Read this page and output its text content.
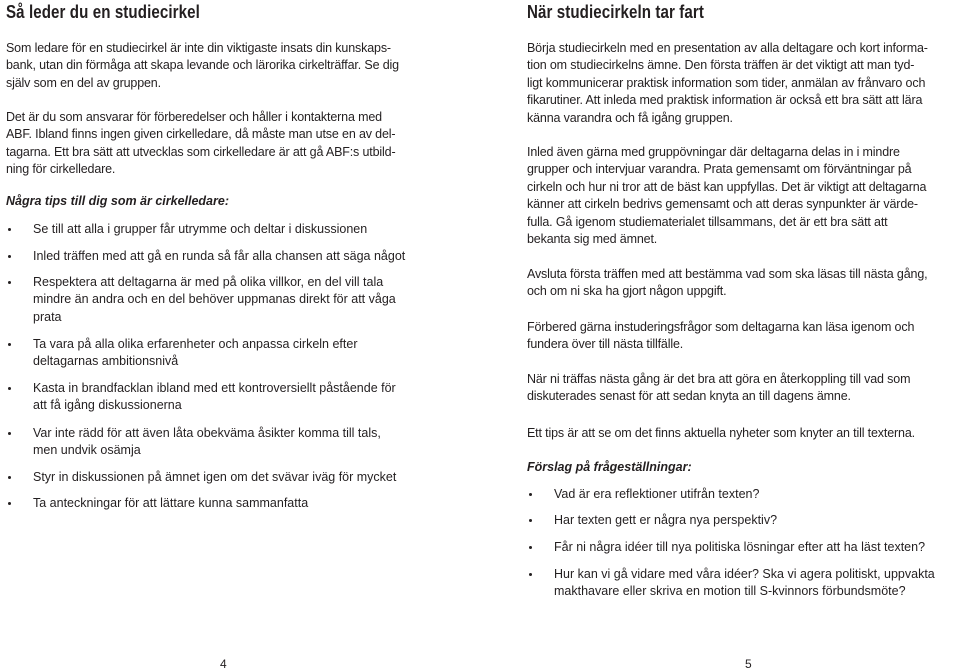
Så leder du en studiecirkel

Som ledare för en studiecirkel är inte din viktigaste insats din kunskaps-
bank, utan din förmåga att skapa levande och lärorika cirkelträffar. Se dig
själv som en del av gruppen.

Det är du som ansvarar för förberedelser och håller i kontakterna med
ABF. Ibland finns ingen given cirkelledare, då måste man utse en av del-
tagarna. Ett bra sätt att utvecklas som cirkelledare är att gå ABF:s utbild-
ning för cirkelledare.

Några tips till dig som är cirkelledare:

Se till att alla i grupper får utrymme och deltar i diskussionen
Inled träffen med att gå en runda så får alla chansen att säga något
Respektera att deltagarna är med på olika villkor, en del vill tala
mindre än andra och en del behöver uppmanas direkt för att våga
prata
Ta vara på alla olika erfarenheter och anpassa cirkeln efter
deltagarnas ambitionsnivå
Kasta in brandfacklan ibland med ett kontroversiellt påstående för
att få igång diskussionerna
Var inte rädd för att även låta obekväma åsikter komma till tals,
men undvik osämja
Styr in diskussionen på ämnet igen om det svävar iväg för mycket
Ta anteckningar för att lättare kunna sammanfatta
4
När studiecirkeln tar fart

Börja studiecirkeln med en presentation av alla deltagare och kort informa-
tion om studiecirkelns ämne. Den första träffen är det viktigt att man tyd-
ligt kommunicerar praktisk information som tider, anmälan av frånvaro och
fikarutiner. Att inleda med praktisk information är också ett bra sätt att lära
känna varandra och få igång gruppen.

Inled även gärna med gruppövningar där deltagarna delas in i mindre
grupper och intervjuar varandra. Prata gemensamt om förväntningar på
cirkeln och hur ni tror att de bäst kan uppfyllas. Det är viktigt att deltagarna
känner att cirkeln bedrivs gemensamt och att deras synpunkter är värde-
fulla. Gå igenom studiematerialet tillsammans, det är ett bra sätt att
bekanta sig med ämnet.

Avsluta första träffen med att bestämma vad som ska läsas till nästa gång,
och om ni ska ha gjort någon uppgift.

Förbered gärna instuderingsfrågor som deltagarna kan läsa igenom och
fundera över till nästa tillfälle.

När ni träffas nästa gång är det bra att göra en återkoppling till vad som
diskuterades senast för att sedan knyta an till dagens ämne.

Ett tips är att se om det finns aktuella nyheter som knyter an till texterna.

Förslag på frågeställningar:

Vad är era reflektioner utifrån texten?
Har texten gett er några nya perspektiv?
Får ni några idéer till nya politiska lösningar efter att ha läst texten?
Hur kan vi gå vidare med våra idéer? Ska vi agera politiskt, uppvakta
makthavare eller skriva en motion till S-kvinnors förbundsmöte?
5
